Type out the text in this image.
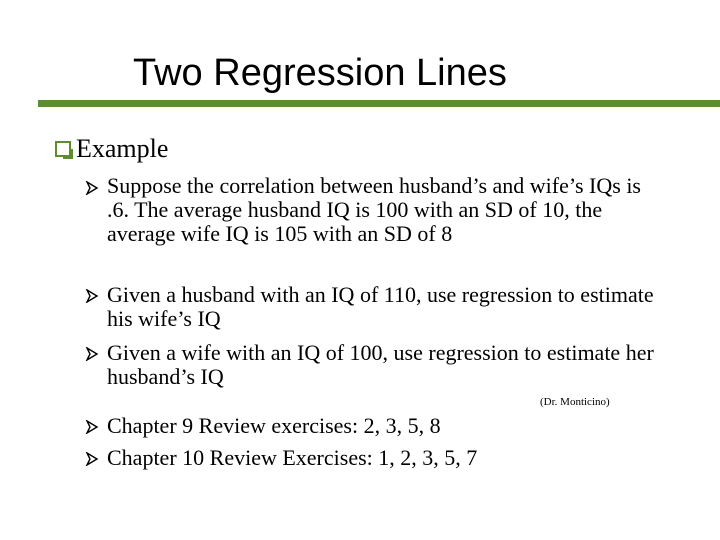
Two Regression Lines
Example
Suppose the correlation between husband’s and wife’s IQs is .6. The average husband IQ is 100 with an SD of 10, the average wife IQ is 105 with an SD of 8
Given a husband with an IQ of 110, use regression to estimate his wife’s IQ
Given a wife with an IQ of 100, use regression to estimate her husband’s IQ
(Dr. Monticino)
Chapter 9 Review exercises: 2, 3, 5, 8
Chapter 10 Review Exercises: 1, 2, 3, 5, 7
